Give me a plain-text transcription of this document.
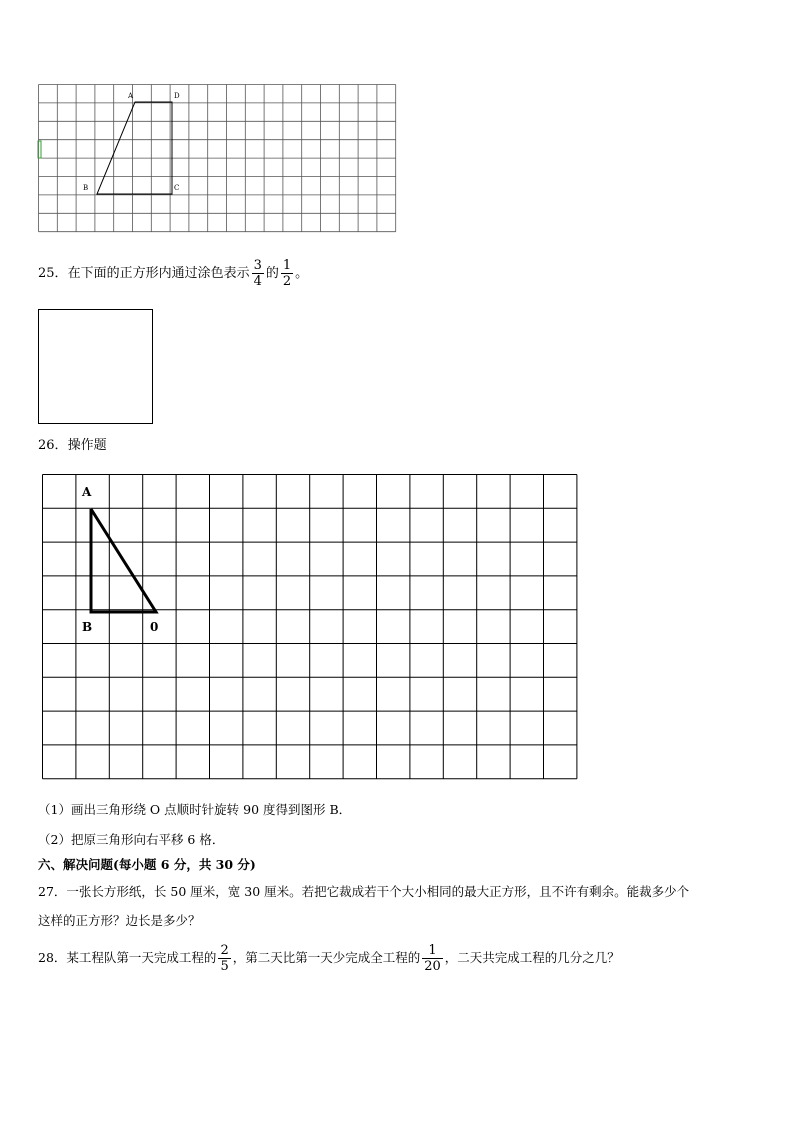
A	D
B	C
25．在下面的正方形内通过涂色表示 $\frac{3}{4}$ 的 $\frac{1}{2}$ 。
26．操作题
A
B	0
（1）画出三角形绕 O 点顺时针旋转 90 度得到图形 B．
（2）把原三角形向右平移 6 格．
六、解决问题(每小题 6 分，共 30 分)
27．一张长方形纸，长 50 厘米，宽 30 厘米。若把它裁成若干个大小相同的最大正方形，且不许有剩余。能裁多少个
这样的正方形？边长是多少？
28．某工程队第一天完成工程的 $\frac{2}{5}$ ，第二天比第一天少完成全工程的 $\frac{1}{20}$ ，二天共完成工程的几分之几？
